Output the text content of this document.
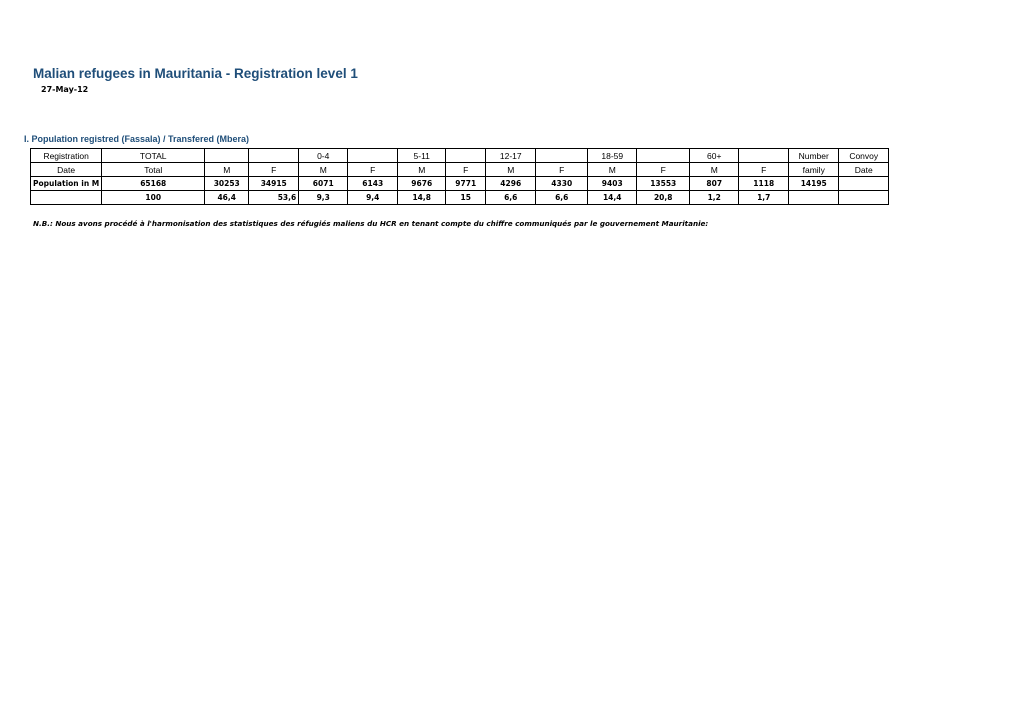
Malian refugees in Mauritania - Registration level 1
27-May-12
I. Population registred (Fassala) / Transfered (Mbera)
Registration	TOTAL			0-4		5-11		12-17		18-59		60+		Number	Convoy
Date	Total	M	F	M	F	M	F	M	F	M	F	M	F	family	Date
Population in M	65168	30253	34915	6071	6143	9676	9771	4296	4330	9403	13553	807	1118	14195	
	100	46,4	53,6	9,3	9,4	14,8	15	6,6	6,6	14,4	20,8	1,2	1,7		
N.B.: Nous avons procédé à l'harmonisation des statistiques des réfugiés maliens du HCR en tenant compte du chiffre communiqués par le gouvernement Mauritanie:
